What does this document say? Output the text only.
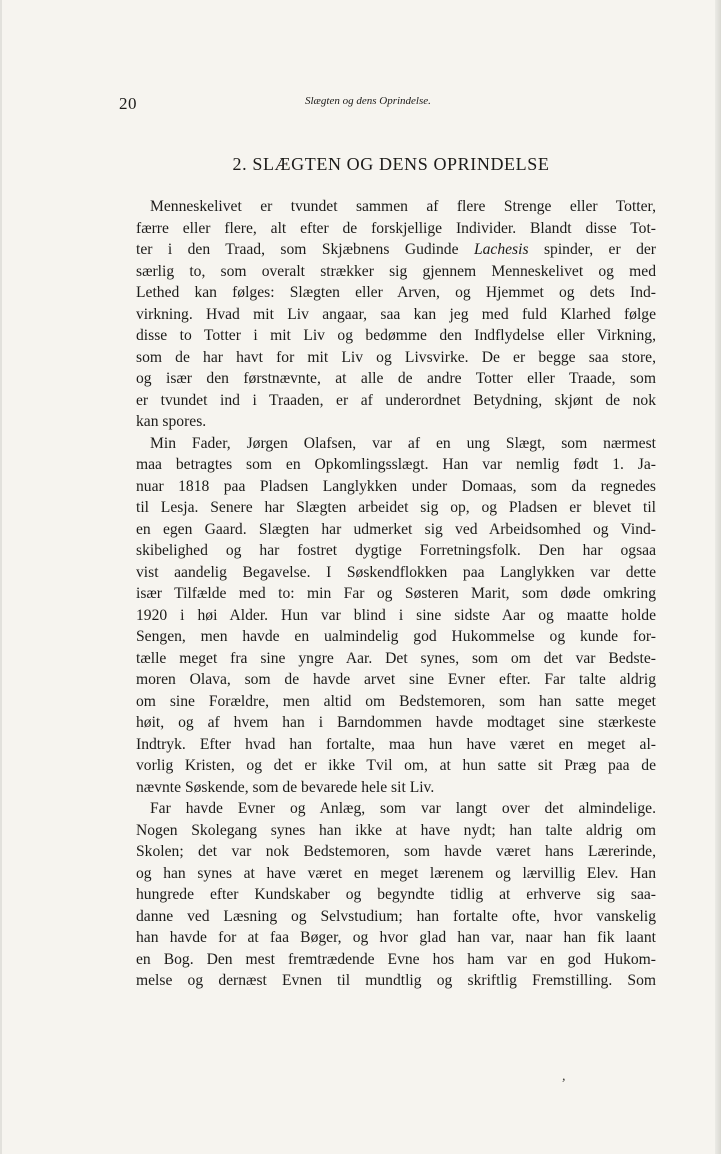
20	Slægten og dens Oprindelse.
2. SLÆGTEN OG DENS OPRINDELSE
Menneskelivet er tvundet sammen af flere Strenge eller Totter,
færre eller flere, alt efter de forskjellige Individer. Blandt disse Tot-
ter i den Traad, som Skjæbnens Gudinde Lachesis spinder, er der
særlig to, som overalt strækker sig gjennem Menneskelivet og med
Lethed kan følges: Slægten eller Arven, og Hjemmet og dets Ind-
virkning. Hvad mit Liv angaar, saa kan jeg med fuld Klarhed følge
disse to Totter i mit Liv og bedømme den Indflydelse eller Virkning,
som de har havt for mit Liv og Livsvirke. De er begge saa store,
og især den førstnævnte, at alle de andre Totter eller Traade, som
er tvundet ind i Traaden, er af underordnet Betydning, skjønt de nok
kan spores.
Min Fader, Jørgen Olafsen, var af en ung Slægt, som nærmest
maa betragtes som en Opkomlingsslægt. Han var nemlig født 1. Ja-
nuar 1818 paa Pladsen Langlykken under Domaas, som da regnedes
til Lesja. Senere har Slægten arbeidet sig op, og Pladsen er blevet til
en egen Gaard. Slægten har udmerket sig ved Arbeidsomhed og Vind-
skibelighed og har fostret dygtige Forretningsfolk. Den har ogsaa
vist aandelig Begavelse. I Søskendflokken paa Langlykken var dette
især Tilfælde med to: min Far og Søsteren Marit, som døde omkring
1920 i høi Alder. Hun var blind i sine sidste Aar og maatte holde
Sengen, men havde en ualmindelig god Hukommelse og kunde for-
tælle meget fra sine yngre Aar. Det synes, som om det var Bedste-
moren Olava, som de havde arvet sine Evner efter. Far talte aldrig
om sine Forældre, men altid om Bedstemoren, som han satte meget
høit, og af hvem han i Barndommen havde modtaget sine stærkeste
Indtryk. Efter hvad han fortalte, maa hun have været en meget al-
vorlig Kristen, og det er ikke Tvil om, at hun satte sit Præg paa de
nævnte Søskende, som de bevarede hele sit Liv.
Far havde Evner og Anlæg, som var langt over det almindelige.
Nogen Skolegang synes han ikke at have nydt; han talte aldrig om
Skolen; det var nok Bedstemoren, som havde været hans Lærerinde,
og han synes at have været en meget lærenem og lærvillig Elev. Han
hungrede efter Kundskaber og begyndte tidlig at erhverve sig saa-
danne ved Læsning og Selvstudium; han fortalte ofte, hvor vanskelig
han havde for at faa Bøger, og hvor glad han var, naar han fik laant
en Bog. Den mest fremtrædende Evne hos ham var en god Hukom-
melse og dernæst Evnen til mundtlig og skriftlig Fremstilling. Som
,
